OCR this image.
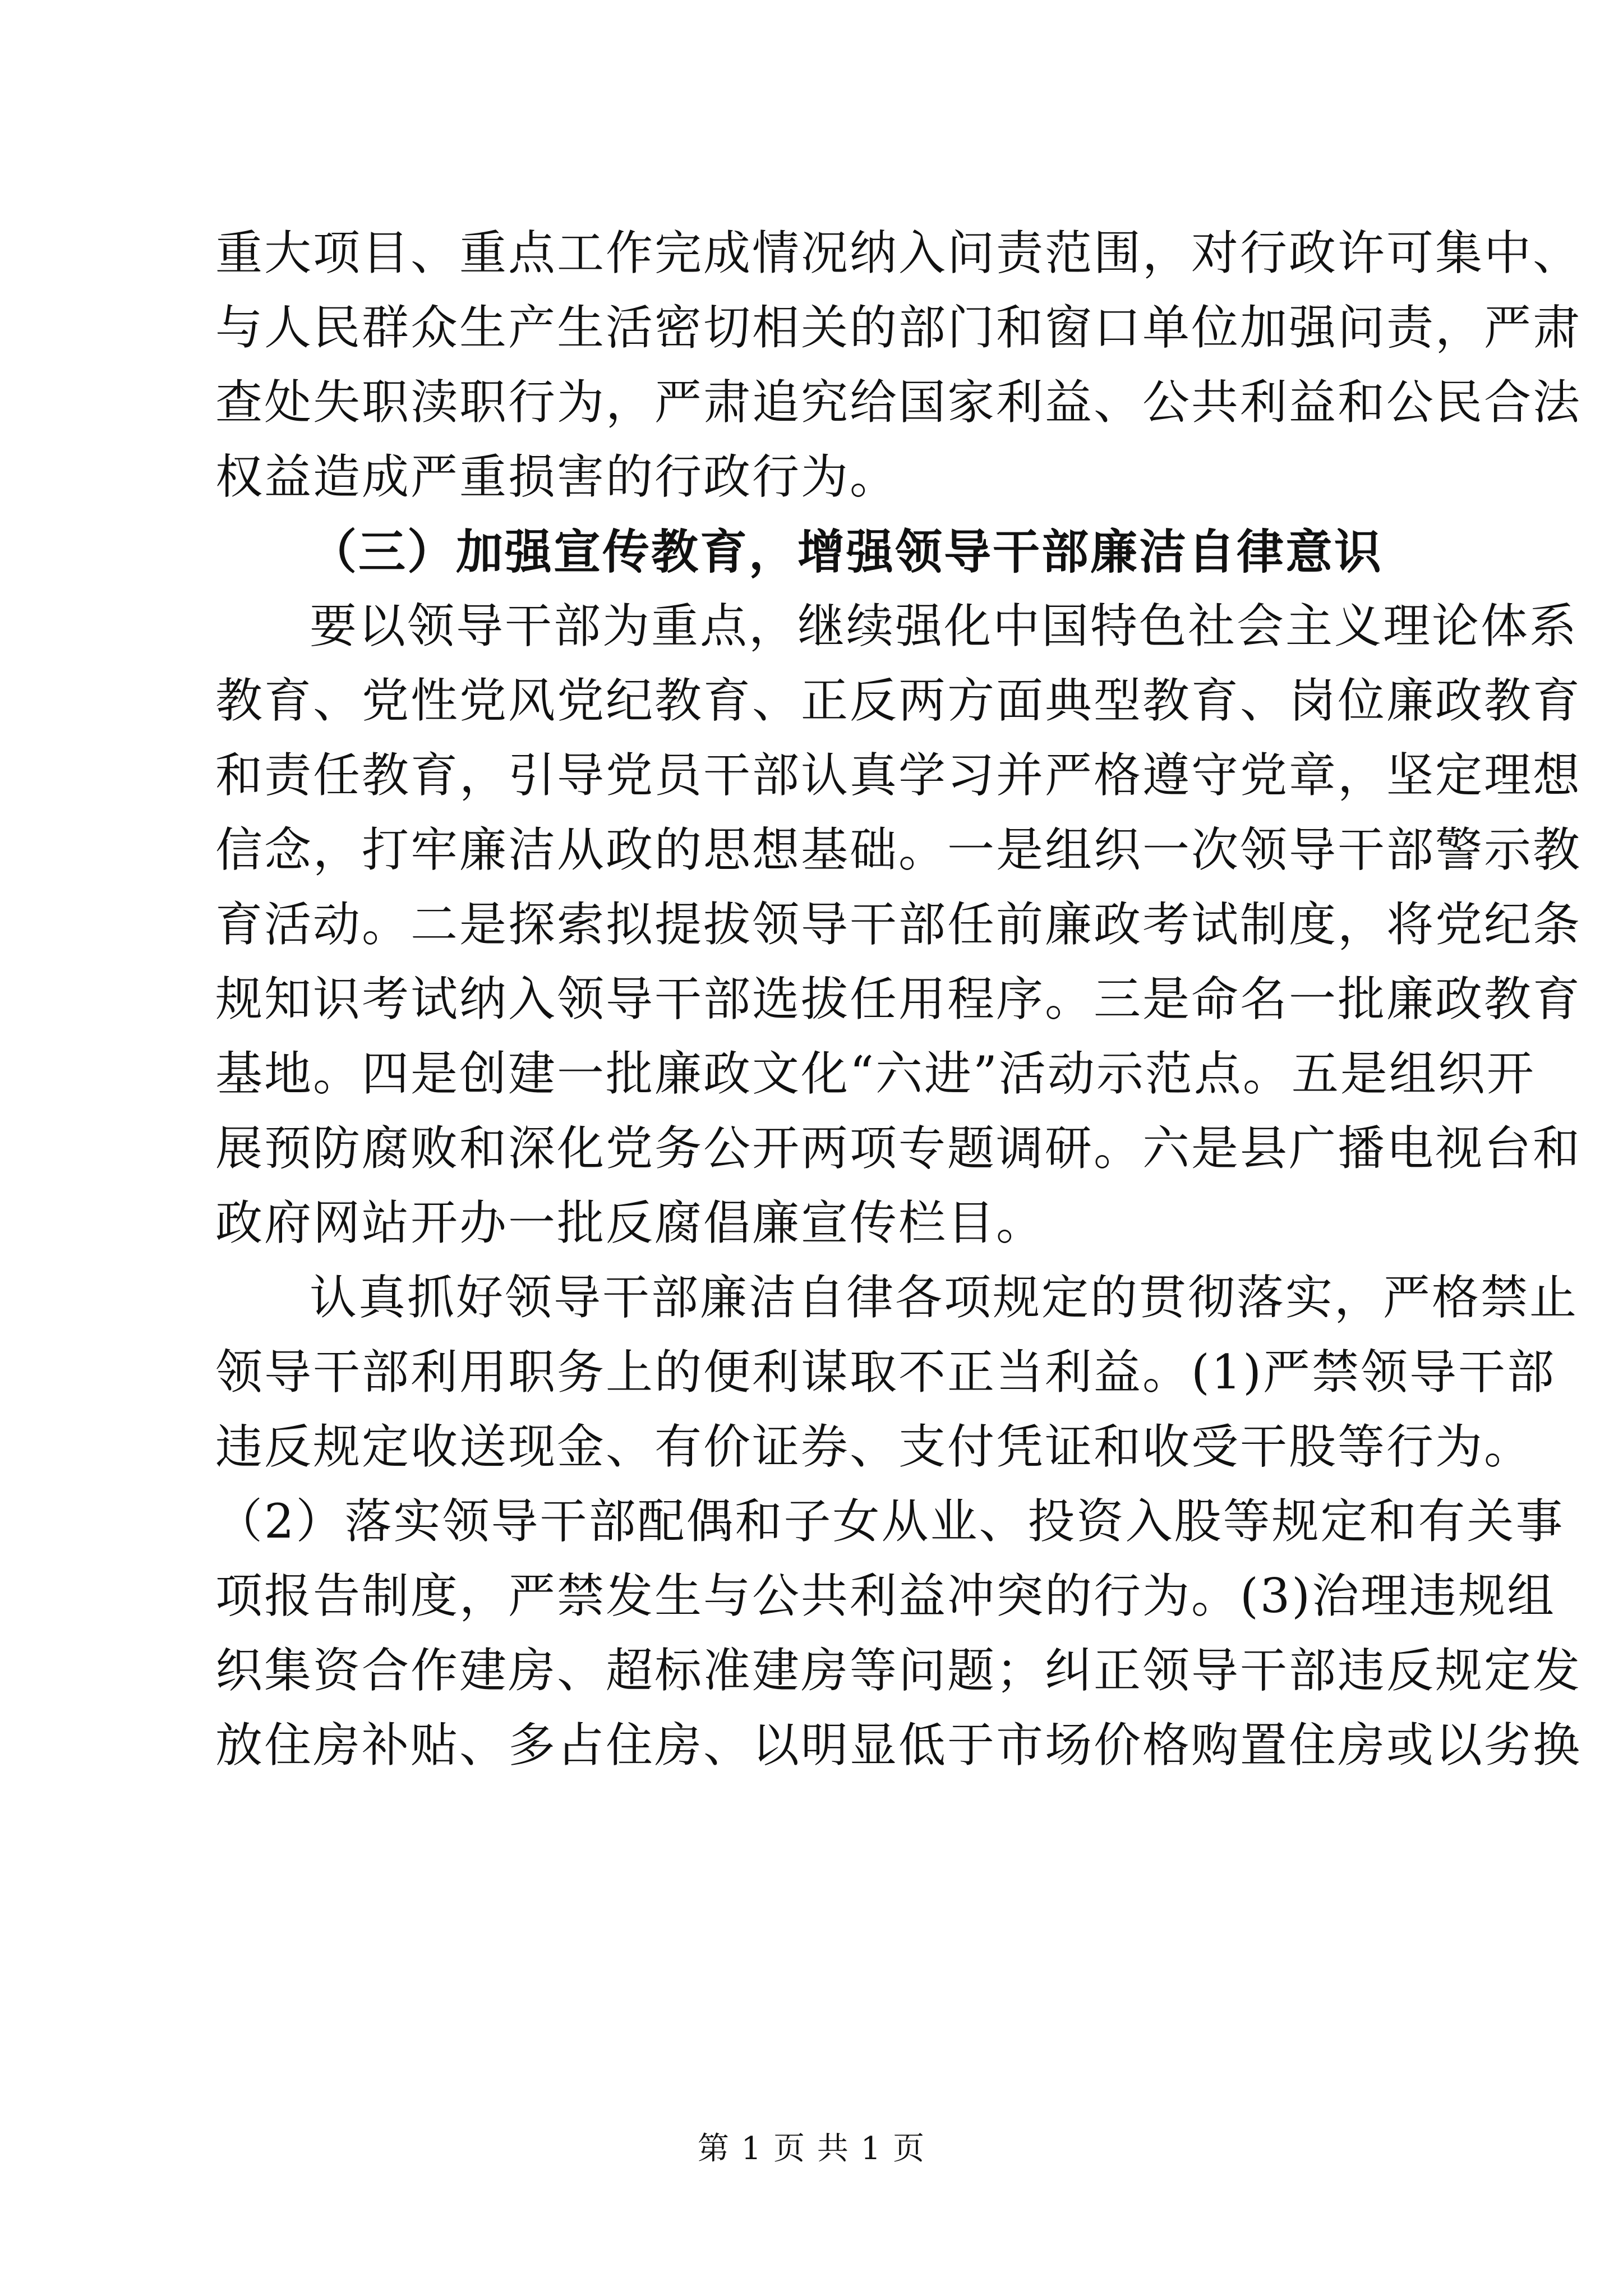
重大项目、重点工作完成情况纳入问责范围，对行政许可集中、
与人民群众生产生活密切相关的部门和窗口单位加强问责，严肃
查处失职渎职行为，严肃追究给国家利益、公共利益和公民合法
权益造成严重损害的行政行为。

（三）加强宣传教育，增强领导干部廉洁自律意识

要以领导干部为重点，继续强化中国特色社会主义理论体系
教育、党性党风党纪教育、正反两方面典型教育、岗位廉政教育
和责任教育，引导党员干部认真学习并严格遵守党章，坚定理想
信念，打牢廉洁从政的思想基础。一是组织一次领导干部警示教
育活动。二是探索拟提拔领导干部任前廉政考试制度，将党纪条
规知识考试纳入领导干部选拔任用程序。三是命名一批廉政教育
基地。四是创建一批廉政文化“六进”活动示范点。五是组织开
展预防腐败和深化党务公开两项专题调研。六是县广播电视台和
政府网站开办一批反腐倡廉宣传栏目。

认真抓好领导干部廉洁自律各项规定的贯彻落实，严格禁止
领导干部利用职务上的便利谋取不正当利益。(1)严禁领导干部
违反规定收送现金、有价证券、支付凭证和收受干股等行为。
（2）落实领导干部配偶和子女从业、投资入股等规定和有关事
项报告制度，严禁发生与公共利益冲突的行为。(3)治理违规组
织集资合作建房、超标准建房等问题；纠正领导干部违反规定发
放住房补贴、多占住房、以明显低于市场价格购置住房或以劣换

第 1 页 共 1 页
